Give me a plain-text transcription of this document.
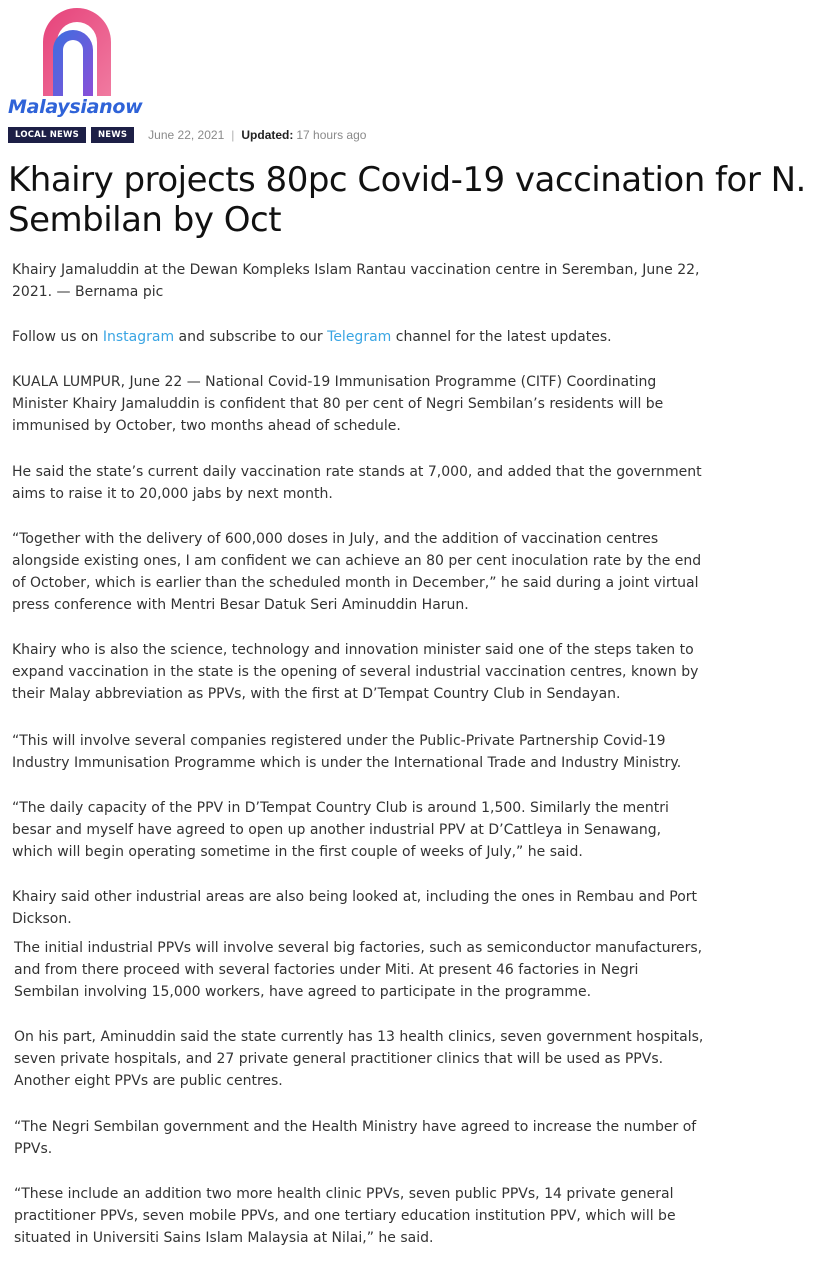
Malaysianow
LOCAL NEWS	NEWS	June 22, 2021 | Updated: 17 hours ago
Khairy projects 80pc Covid-19 vaccination for N. Sembilan by Oct

Khairy Jamaluddin at the Dewan Kompleks Islam Rantau vaccination centre in Seremban, June 22, 2021. — Bernama pic

Follow us on Instagram and subscribe to our Telegram channel for the latest updates.

KUALA LUMPUR, June 22 — National Covid-19 Immunisation Programme (CITF) Coordinating Minister Khairy Jamaluddin is confident that 80 per cent of Negri Sembilan’s residents will be immunised by October, two months ahead of schedule.

He said the state’s current daily vaccination rate stands at 7,000, and added that the government aims to raise it to 20,000 jabs by next month.

“Together with the delivery of 600,000 doses in July, and the addition of vaccination centres alongside existing ones, I am confident we can achieve an 80 per cent inoculation rate by the end of October, which is earlier than the scheduled month in December,” he said during a joint virtual press conference with Mentri Besar Datuk Seri Aminuddin Harun.

Khairy who is also the science, technology and innovation minister said one of the steps taken to expand vaccination in the state is the opening of several industrial vaccination centres, known by their Malay abbreviation as PPVs, with the first at D’Tempat Country Club in Sendayan.

“This will involve several companies registered under the Public-Private Partnership Covid-19 Industry Immunisation Programme which is under the International Trade and Industry Ministry.

“The daily capacity of the PPV in D’Tempat Country Club is around 1,500. Similarly the mentri besar and myself have agreed to open up another industrial PPV at D’Cattleya in Senawang, which will begin operating sometime in the first couple of weeks of July,” he said.

Khairy said other industrial areas are also being looked at, including the ones in Rembau and Port Dickson.

The initial industrial PPVs will involve several big factories, such as semiconductor manufacturers, and from there proceed with several factories under Miti. At present 46 factories in Negri Sembilan involving 15,000 workers, have agreed to participate in the programme.

On his part, Aminuddin said the state currently has 13 health clinics, seven government hospitals, seven private hospitals, and 27 private general practitioner clinics that will be used as PPVs. Another eight PPVs are public centres.

“The Negri Sembilan government and the Health Ministry have agreed to increase the number of PPVs.

“These include an addition two more health clinic PPVs, seven public PPVs, 14 private general practitioner PPVs, seven mobile PPVs, and one tertiary education institution PPV, which will be situated in Universiti Sains Islam Malaysia at Nilai,” he said.
